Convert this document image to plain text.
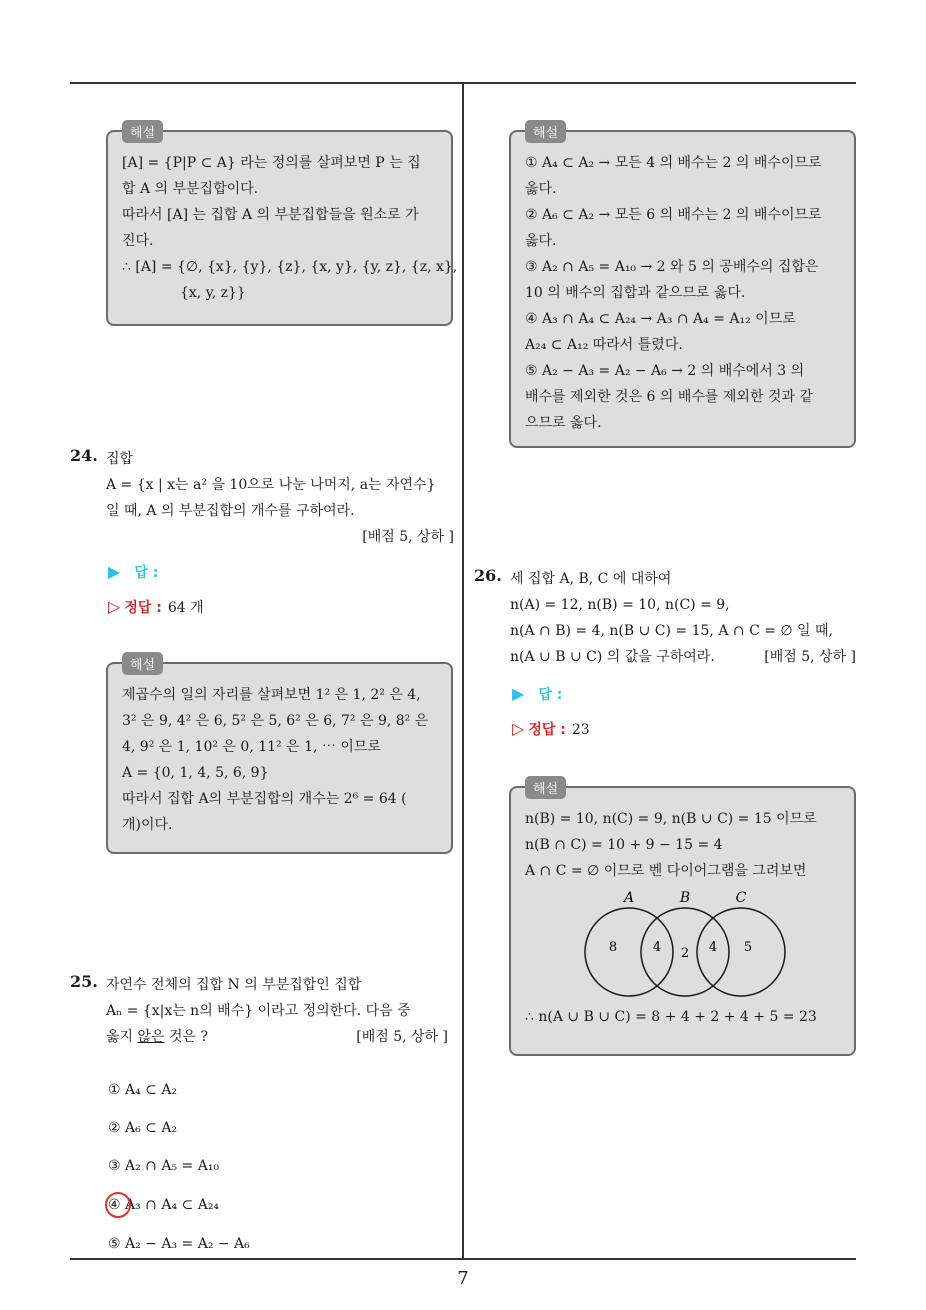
해설
[A] = {P|P ⊂ A} 라는 정의를 살펴보면 P 는 집
합 A 의 부분집합이다.
따라서 [A] 는 집합 A 의 부분집합들을 원소로 가
진다.
∴ [A] = {∅, {x}, {y}, {z}, {x, y}, {y, z}, {z, x},
{x, y, z}}
24. 집합
A = {x | x는 a² 을 10으로 나눈 나머지, a는 자연수}
일 때, A 의 부분집합의 개수를 구하여라.
[배점 5, 상하 ]
▶ 답 :
▷ 정답 : 64 개
해설
제곱수의 일의 자리를 살펴보면 1² 은 1, 2² 은 4,
3² 은 9, 4² 은 6, 5² 은 5, 6² 은 6, 7² 은 9, 8² 은
4, 9² 은 1, 10² 은 0, 11² 은 1, ⋯ 이므로
A = {0, 1, 4, 5, 6, 9}
따라서 집합 A의 부분집합의 개수는 2⁶ = 64 (
개)이다.
25. 자연수 전체의 집합 N 의 부분집합인 집합
Aₙ = {x|x는 n의 배수} 이라고 정의한다. 다음 중
옳지 않은 것은 ?	[배점 5, 상하 ]
① A₄ ⊂ A₂
② A₆ ⊂ A₂
③ A₂ ∩ A₅ = A₁₀
④ A₃ ∩ A₄ ⊂ A₂₄
⑤ A₂ − A₃ = A₂ − A₆
해설
① A₄ ⊂ A₂ → 모든 4 의 배수는 2 의 배수이므로
옳다.
② A₆ ⊂ A₂ → 모든 6 의 배수는 2 의 배수이므로
옳다.
③ A₂ ∩ A₅ = A₁₀ → 2 와 5 의 공배수의 집합은
10 의 배수의 집합과 같으므로 옳다.
④ A₃ ∩ A₄ ⊂ A₂₄ → A₃ ∩ A₄ = A₁₂ 이므로
A₂₄ ⊂ A₁₂ 따라서 틀렸다.
⑤ A₂ − A₃ = A₂ − A₆ → 2 의 배수에서 3 의
배수를 제외한 것은 6 의 배수를 제외한 것과 같
으므로 옳다.
26. 세 집합 A, B, C 에 대하여
n(A) = 12, n(B) = 10, n(C) = 9,
n(A ∩ B) = 4, n(B ∪ C) = 15, A ∩ C = ∅ 일 때,
n(A ∪ B ∪ C) 의 값을 구하여라.	[배점 5, 상하 ]
▶ 답 :
▷ 정답 : 23
해설
n(B) = 10, n(C) = 9, n(B ∪ C) = 15 이므로
n(B ∩ C) = 10 + 9 − 15 = 4
A ∩ C = ∅ 이므로 벤 다이어그램을 그려보면
A	B	C
8	4 2 4 5
∴ n(A ∪ B ∪ C) = 8 + 4 + 2 + 4 + 5 = 23
7
